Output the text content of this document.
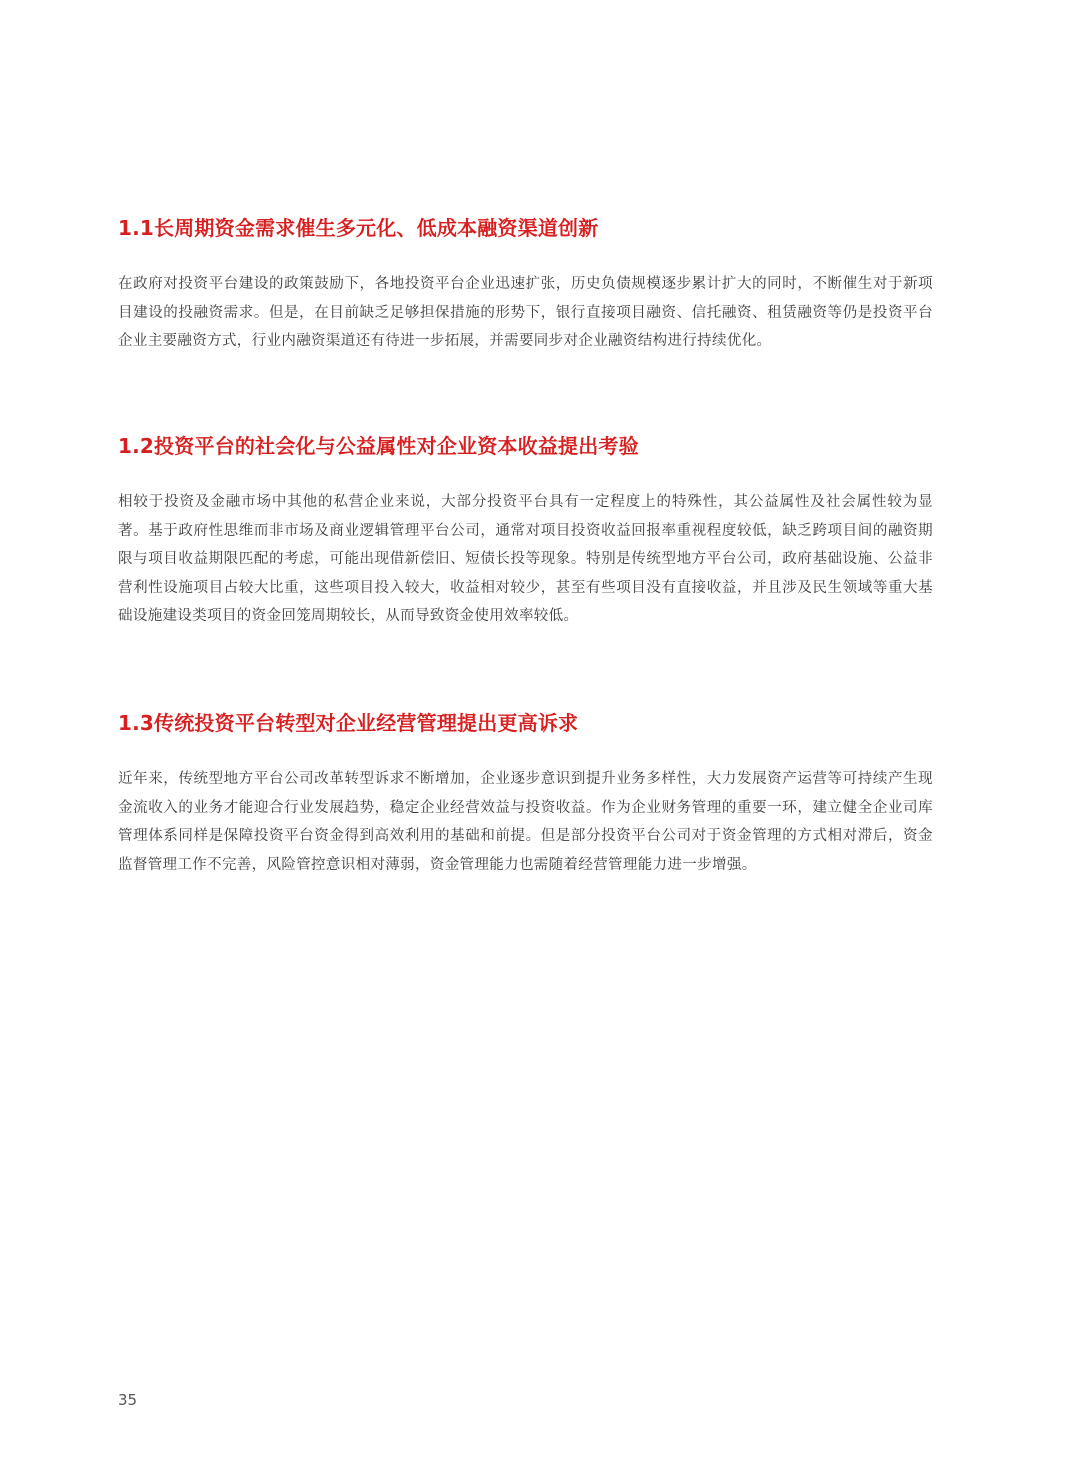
1.1长周期资金需求催生多元化、低成本融资渠道创新

在政府对投资平台建设的政策鼓励下，各地投资平台企业迅速扩张，历史负债规模逐步累计扩大的同时，不断催生对于新项目建设的投融资需求。但是，在目前缺乏足够担保措施的形势下，银行直接项目融资、信托融资、租赁融资等仍是投资平台企业主要融资方式，行业内融资渠道还有待进一步拓展，并需要同步对企业融资结构进行持续优化。

1.2投资平台的社会化与公益属性对企业资本收益提出考验

相较于投资及金融市场中其他的私营企业来说，大部分投资平台具有一定程度上的特殊性，其公益属性及社会属性较为显著。基于政府性思维而非市场及商业逻辑管理平台公司，通常对项目投资收益回报率重视程度较低，缺乏跨项目间的融资期限与项目收益期限匹配的考虑，可能出现借新偿旧、短债长投等现象。特别是传统型地方平台公司，政府基础设施、公益非营利性设施项目占较大比重，这些项目投入较大，收益相对较少，甚至有些项目没有直接收益，并且涉及民生领域等重大基础设施建设类项目的资金回笼周期较长，从而导致资金使用效率较低。

1.3传统投资平台转型对企业经营管理提出更高诉求

近年来，传统型地方平台公司改革转型诉求不断增加，企业逐步意识到提升业务多样性，大力发展资产运营等可持续产生现金流收入的业务才能迎合行业发展趋势，稳定企业经营效益与投资收益。作为企业财务管理的重要一环，建立健全企业司库管理体系同样是保障投资平台资金得到高效利用的基础和前提。但是部分投资平台公司对于资金管理的方式相对滞后，资金监督管理工作不完善，风险管控意识相对薄弱，资金管理能力也需随着经营管理能力进一步增强。

35
